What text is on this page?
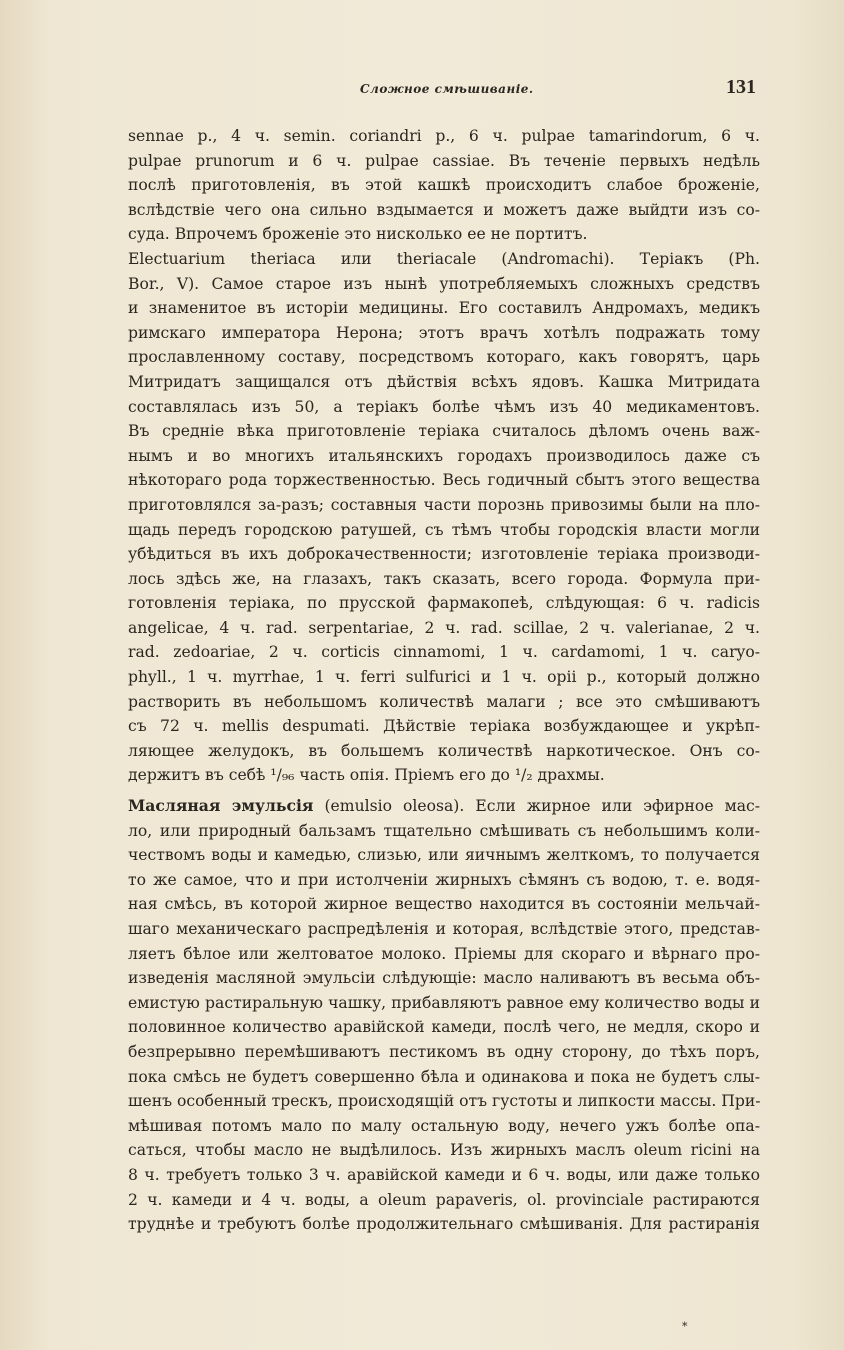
Сложное смѣшиваніе.	131
sennae p., 4 ч. semin. coriandri p., 6 ч. pulpae tamarindorum, 6 ч.
pulpae prunorum и 6 ч. pulpae cassiae. Въ теченіе первыхъ недѣль
послѣ приготовленія, въ этой кашкѣ происходитъ слабое броженіе,
вслѣдствіе чего она сильно вздымается и можетъ даже выйдти изъ со-
суда. Впрочемъ броженіе это нисколько ее не портитъ.
Electuarium theriaca или theriacale (Andromachi). Теріакъ (Ph.
Bor., V). Самое старое изъ нынѣ употребляемыхъ сложныхъ средствъ
и знаменитое въ исторіи медицины. Его составилъ Андромахъ, медикъ
римскаго императора Нерона; этотъ врачъ хотѣлъ подражать тому
прославленному составу, посредствомъ котораго, какъ говорятъ, царь
Митридатъ защищался отъ дѣйствія всѣхъ ядовъ. Кашка Митридата
составлялась изъ 50, а теріакъ болѣе чѣмъ изъ 40 медикаментовъ.
Въ средніе вѣка приготовленіе теріака считалось дѣломъ очень важ-
нымъ и во многихъ итальянскихъ городахъ производилось даже съ
нѣкотораго рода торжественностью. Весь годичный сбытъ этого вещества
приготовлялся за-разъ; составныя части порознь привозимы были на пло-
щадь передъ городскою ратушей, съ тѣмъ чтобы городскія власти могли
убѣдиться въ ихъ доброкачественности; изготовленіе теріака производи-
лось здѣсь же, на глазахъ, такъ сказать, всего города. Формула при-
готовленія теріака, по прусской фармакопеѣ, слѣдующая: 6 ч. radicis
angelicae, 4 ч. rad. serpentariae, 2 ч. rad. scillae, 2 ч. valerianae, 2 ч.
rad. zedoariae, 2 ч. corticis cinnamomi, 1 ч. cardamomi, 1 ч. caryo-
phyll., 1 ч. myrrhae, 1 ч. ferri sulfurici и 1 ч. opii p., который должно
растворить въ небольшомъ количествѣ малаги ; все это смѣшиваютъ
съ 72 ч. mellis despumati. Дѣйствіе теріака возбуждающее и укрѣп-
ляющее желудокъ, въ большемъ количествѣ наркотическое. Онъ со-
держитъ въ себѣ ¹/₉₆ часть опія. Пріемъ его до ¹/₂ драхмы.
Масляная эмульсія (emulsio oleosa). Если жирное или эфирное мас-
ло, или природный бальзамъ тщательно смѣшивать съ небольшимъ коли-
чествомъ воды и камедью, слизью, или яичнымъ желткомъ, то получается
то же самое, что и при истолченіи жирныхъ сѣмянъ съ водою, т. е. водя-
ная смѣсь, въ которой жирное вещество находится въ состояніи мельчай-
шаго механическаго распредѣленія и которая, вслѣдствіе этого, представ-
ляетъ бѣлое или желтоватое молоко. Пріемы для скораго и вѣрнаго про-
изведенія масляной эмульсіи слѣдующіе: масло наливаютъ въ весьма объ-
емистую растиральную чашку, прибавляютъ равное ему количество воды и
половинное количество аравійской камеди, послѣ чего, не медля, скоро и
безпрерывно перемѣшиваютъ пестикомъ въ одну сторону, до тѣхъ поръ,
пока смѣсь не будетъ совершенно бѣла и одинакова и пока не будетъ слы-
шенъ особенный трескъ, происходящій отъ густоты и липкости массы. При-
мѣшивая потомъ мало по малу остальную воду, нечего ужъ болѣе опа-
саться, чтобы масло не выдѣлилось. Изъ жирныхъ маслъ oleum ricini на
8 ч. требуетъ только 3 ч. аравійской камеди и 6 ч. воды, или даже только
2 ч. камеди и 4 ч. воды, а oleum papaveris, ol. provinciale растираются
труднѣе и требуютъ болѣе продолжительнаго смѣшиванія. Для растиранія
*
